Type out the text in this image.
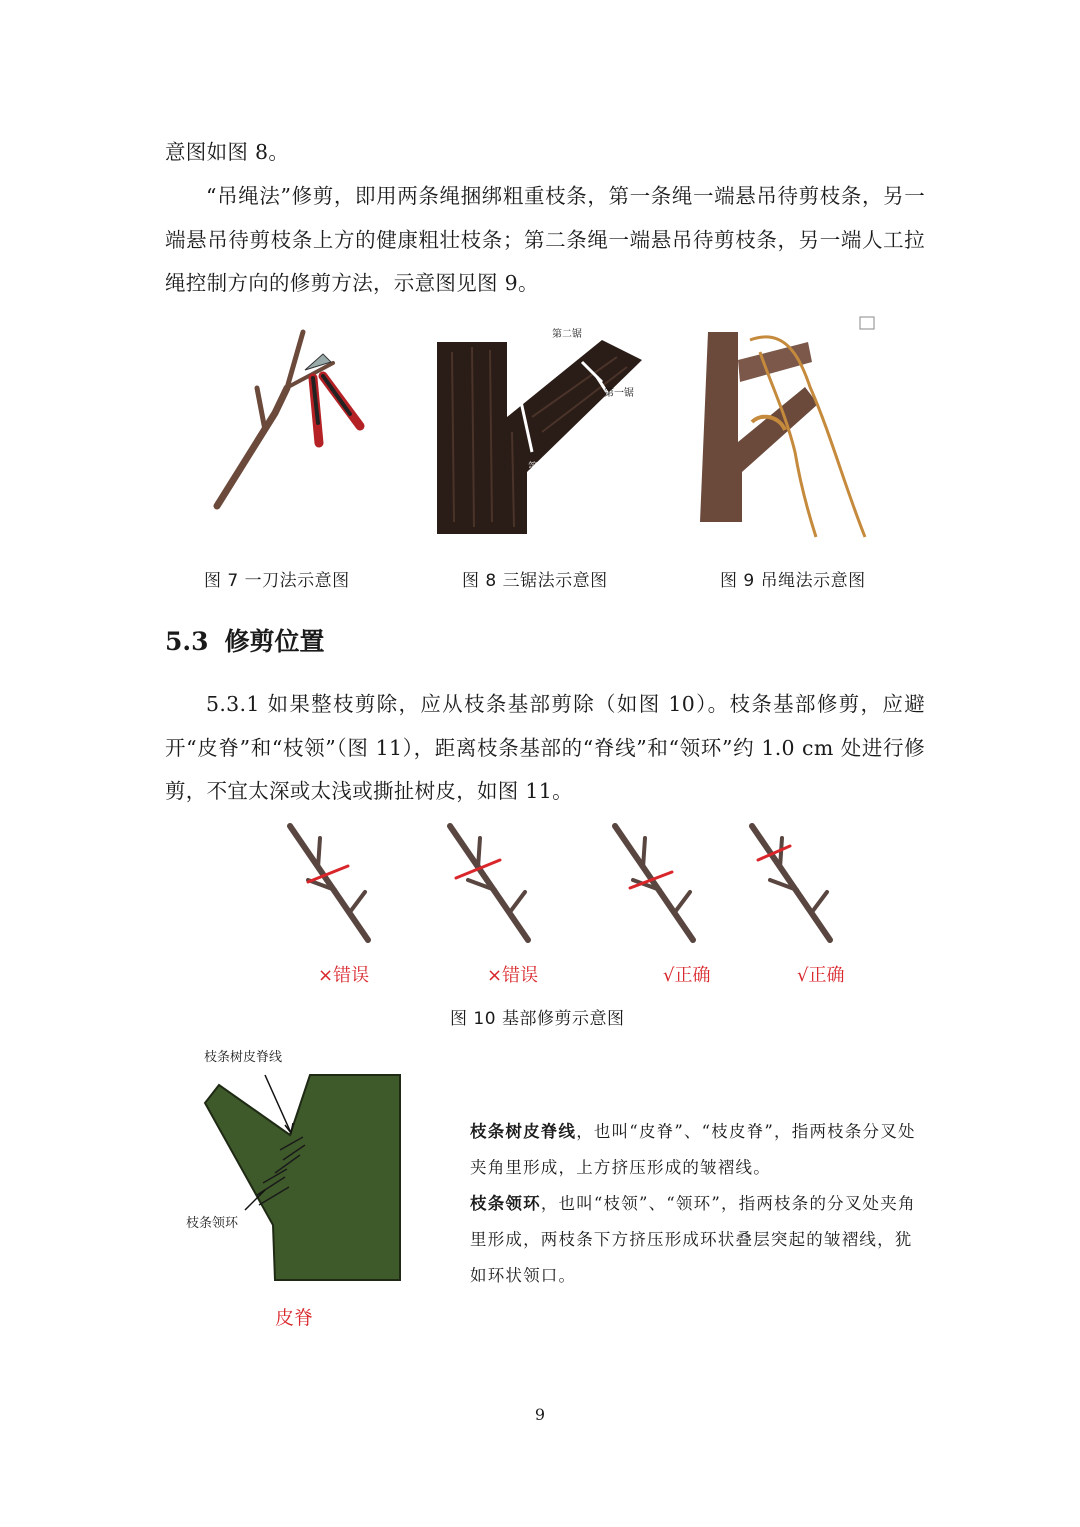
意图如图 8。

“吊绳法”修剪，即用两条绳捆绑粗重枝条，第一条绳一端悬吊待剪枝条，另一端悬吊待剪枝条上方的健康粗壮枝条；第二条绳一端悬吊待剪枝条，另一端人工拉绳控制方向的修剪方法，示意图见图 9。

第二锯
第一锯
第三锯
图 7 一刀法示意图	图 8 三锯法示意图	图 9 吊绳法示意图
5.3 修剪位置

5.3.1 如果整枝剪除，应从枝条基部剪除（如图 10）。枝条基部修剪，应避开“皮脊”和“枝领”（图 11），距离枝条基部的“脊线”和“领环”约 1.0 cm 处进行修剪，不宜太深或太浅或撕扯树皮，如图 11。

×错误	×错误	√正确	√正确
图 10 基部修剪示意图
枝条树皮脊线
枝条领环
皮脊

枝条树皮脊线，也叫“皮脊”、“枝皮脊”，指两枝条分叉处夹角里形成，上方挤压形成的皱褶线。

枝条领环，也叫“枝领”、“领环”，指两枝条的分叉处夹角里形成，两枝条下方挤压形成环状叠层突起的皱褶线，犹如环状领口。

9
